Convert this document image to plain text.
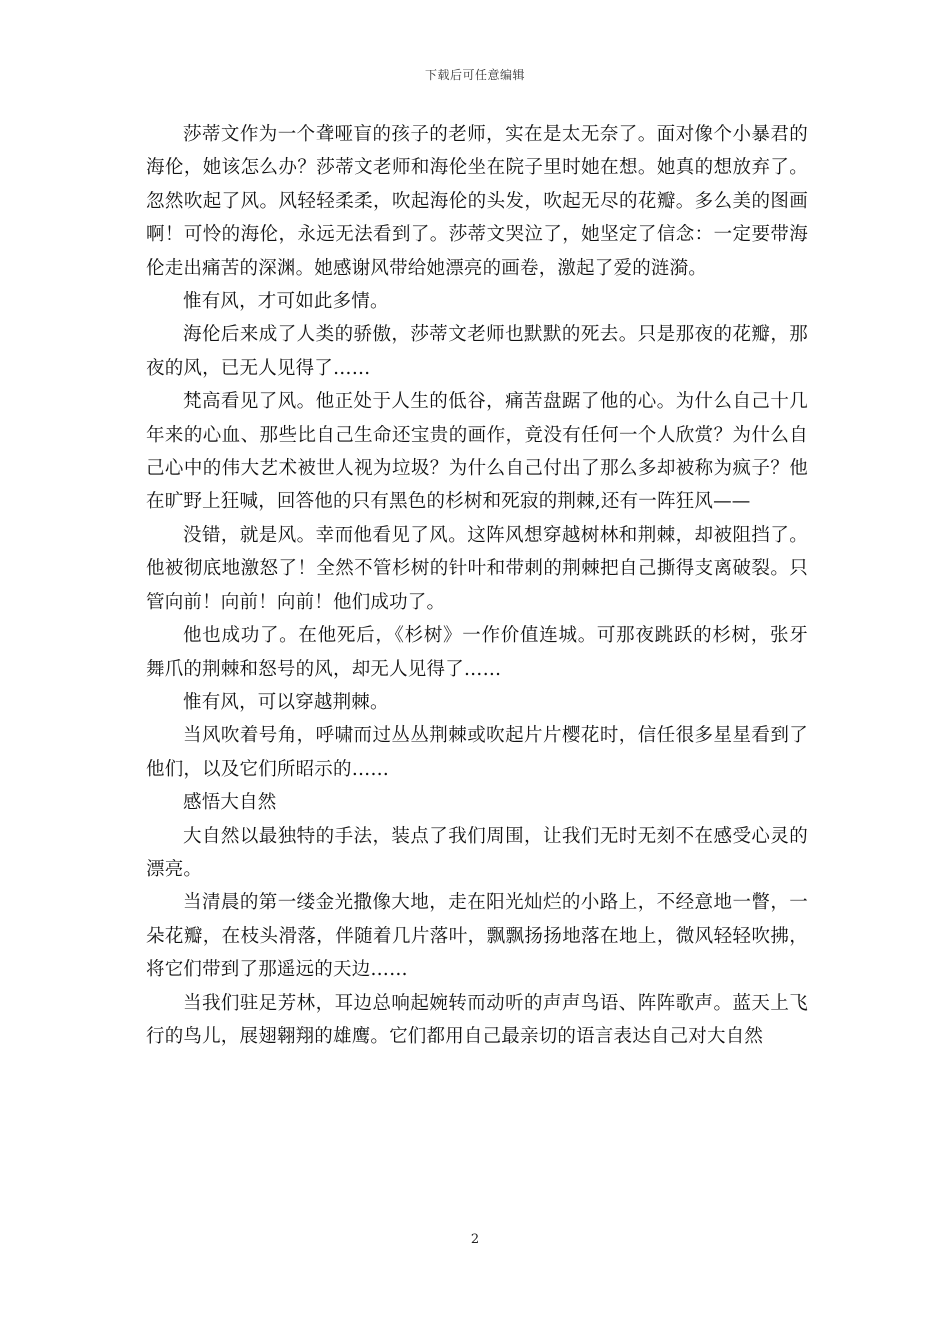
下载后可任意编辑

莎蒂文作为一个聋哑盲的孩子的老师，实在是太无奈了。面对像个小暴君的海伦，她该怎么办？莎蒂文老师和海伦坐在院子里时她在想。她真的想放弃了。忽然吹起了风。风轻轻柔柔，吹起海伦的头发，吹起无尽的花瓣。多么美的图画啊！可怜的海伦，永远无法看到了。莎蒂文哭泣了，她坚定了信念：一定要带海伦走出痛苦的深渊。她感谢风带给她漂亮的画卷，激起了爱的涟漪。

惟有风，才可如此多情。

海伦后来成了人类的骄傲，莎蒂文老师也默默的死去。只是那夜的花瓣，那夜的风，已无人见得了……

梵高看见了风。他正处于人生的低谷，痛苦盘踞了他的心。为什么自己十几年来的心血、那些比自己生命还宝贵的画作，竟没有任何一个人欣赏？为什么自己心中的伟大艺术被世人视为垃圾？为什么自己付出了那么多却被称为疯子？他在旷野上狂喊，回答他的只有黑色的杉树和死寂的荆棘,还有一阵狂风——

没错，就是风。幸而他看见了风。这阵风想穿越树林和荆棘，却被阻挡了。他被彻底地激怒了！全然不管杉树的针叶和带刺的荆棘把自己撕得支离破裂。只管向前！向前！向前！他们成功了。

他也成功了。在他死后，《杉树》一作价值连城。可那夜跳跃的杉树，张牙舞爪的荆棘和怒号的风，却无人见得了……

惟有风，可以穿越荆棘。

当风吹着号角，呼啸而过丛丛荆棘或吹起片片樱花时，信任很多星星看到了他们，以及它们所昭示的……

感悟大自然

大自然以最独特的手法，装点了我们周围，让我们无时无刻不在感受心灵的漂亮。

当清晨的第一缕金光撒像大地，走在阳光灿烂的小路上，不经意地一瞥，一朵花瓣，在枝头滑落，伴随着几片落叶，飘飘扬扬地落在地上，微风轻轻吹拂，将它们带到了那遥远的天边……

当我们驻足芳林，耳边总响起婉转而动听的声声鸟语、阵阵歌声。蓝天上飞行的鸟儿，展翅翱翔的雄鹰。它们都用自己最亲切的语言表达自己对大自然

2
